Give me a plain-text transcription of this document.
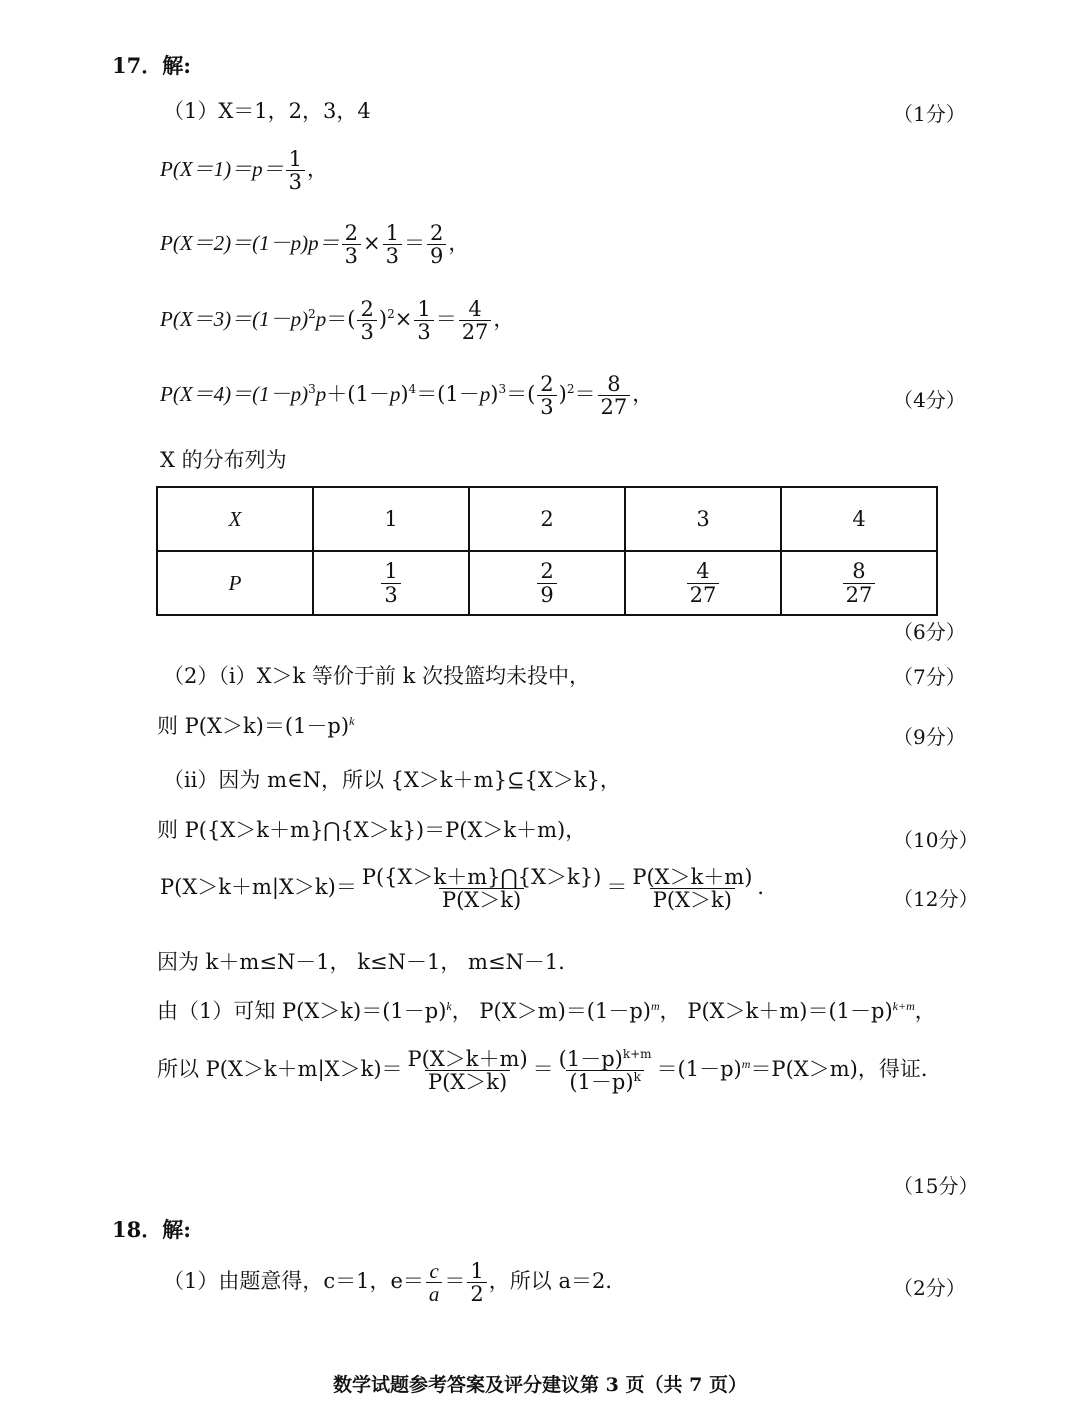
17．解:
（1）X＝1，2，3，4	（1分）
$P(X=1)=p= \frac{1}{3}$ ，
$P(X=2)=(1-p)p= \frac{2}{3} \times \frac{1}{3} = \frac{2}{9}$ ，
$P(X=3)=(1-p)^2p=( \frac{2}{3} )^2\times \frac{1}{3} = \frac{4}{27}$ ，
$P(X=4)=(1-p)^3p+(1-p)^4=(1-p)^3=( \frac{2}{3} )^2= \frac{8}{27}$ ，	（4分）
X 的分布列为
X	1	2	3	4
P	$\frac{1}{3}$	$\frac{2}{9}$	$\frac{4}{27}$	$\frac{8}{27}$
（6分）
（2）（ⅰ）X＞k 等价于前 k 次投篮均未投中，	（7分）
则 $P(X>k)=(1-p)^k$
（9分）
（ⅱ）因为 m∈N，所以 {X＞k＋m}⊆{X＞k}，
则 P({X＞k＋m}⋂{X＞k})＝P(X＞k＋m)，	（10分）
$P(X>k+m|X>k)= \frac{P(\{X>k+m\}⋂\{X>k\})}{P(X>k)} = \frac{P(X>k+m)}{P(X>k)}$ ．	（12分）
因为 k＋m≤N－1， k≤N－1， m≤N－1．
由（1）可知 $P(X>k)=(1-p)^k$， $P(X>m)=(1-p)^m$， $P(X>k+m)=(1-p)^{k+m}$，
所以 $P(X>k+m|X>k)= \frac{P(X>k+m)}{P(X>k)} = \frac{(1-p)^{k+m}}{(1-p)^k} =(1-p)^m=P(X>m)$，得证．
（15分）
18．解:
（1）由题意得，c＝1，$e= \frac{c}{a} = \frac{1}{2}$ ，所以 a＝2．	（2分）
数学试题参考答案及评分建议第 3 页（共 7 页）
